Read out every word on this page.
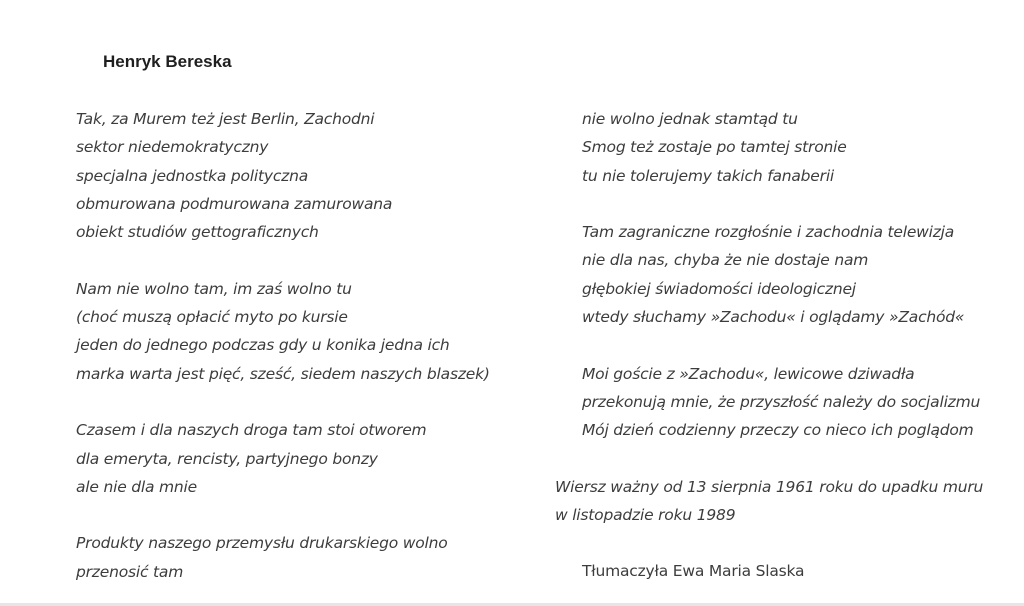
Henryk Bereska
Tak, za Murem też jest Berlin, Zachodni
sektor niedemokratyczny
specjalna jednostka polityczna
obmurowana podmurowana zamurowana
obiekt studiów gettograficznych
Nam nie wolno tam, im zaś wolno tu
(choć muszą opłacić myto po kursie
jeden do jednego podczas gdy u konika jedna ich
marka warta jest pięć, sześć, siedem naszych blaszek)
Czasem i dla naszych droga tam stoi otworem
dla emeryta, rencisty, partyjnego bonzy
ale nie dla mnie
Produkty naszego przemysłu drukarskiego wolno
przenosić tam
nie wolno jednak stamtąd tu
Smog też zostaje po tamtej stronie
tu nie tolerujemy takich fanaberii
Tam zagraniczne rozgłośnie i zachodnia telewizja
nie dla nas, chyba że nie dostaje nam
głębokiej świadomości ideologicznej
wtedy słuchamy »Zachodu« i oglądamy »Zachód«
Moi goście z »Zachodu«, lewicowe dziwadła
przekonują mnie, że przyszłość należy do socjalizmu
Mój dzień codzienny przeczy co nieco ich poglądom
Wiersz ważny od 13 sierpnia 1961 roku do upadku muru
w listopadzie roku 1989
Tłumaczyła Ewa Maria Slaska
